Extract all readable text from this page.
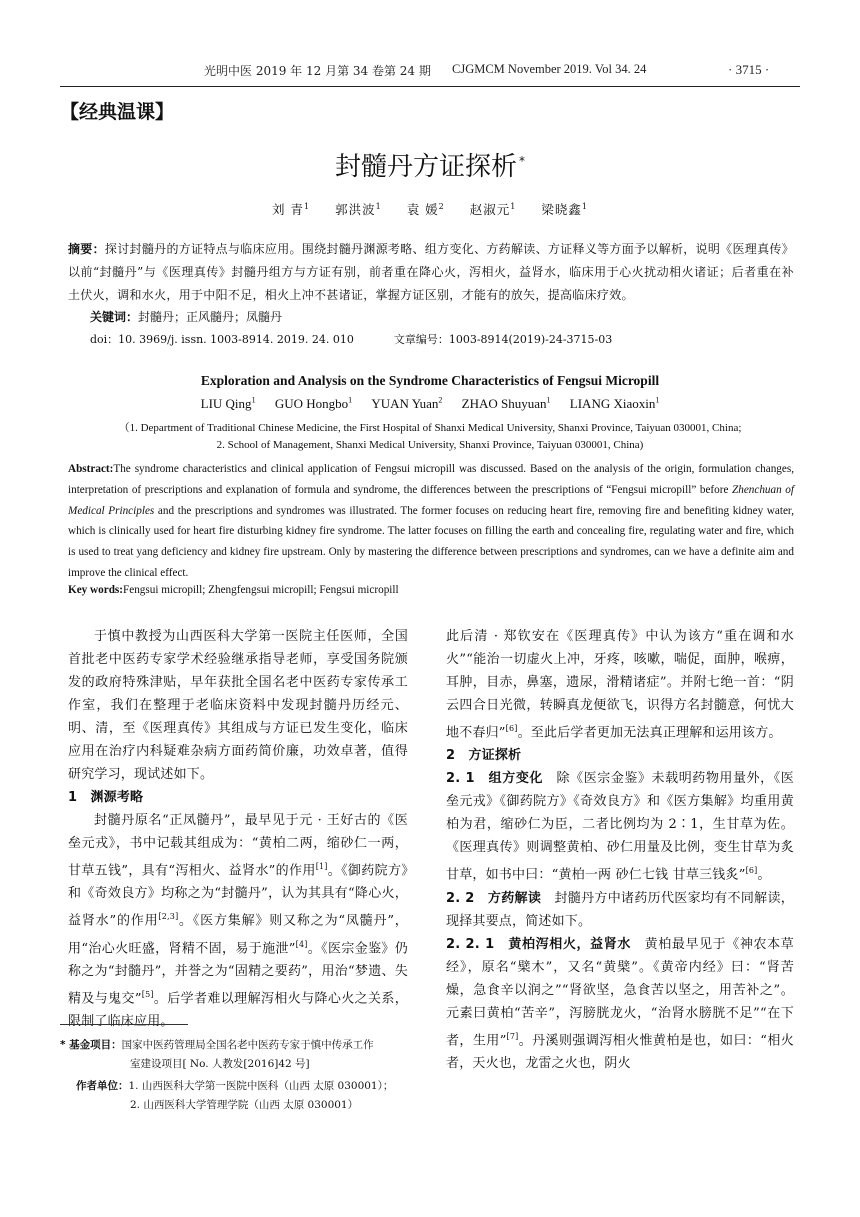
光明中医 2019 年 12 月第 34 卷第 24 期 CJGMCM November 2019. Vol 34. 24	· 3715 ·
【经典温课】
封髓丹方证探析 *
刘 青$^1$ 郭洪波$^1$ 袁 媛$^2$ 赵淑元$^1$ 梁晓鑫$^1$
摘要：探讨封髓丹的方证特点与临床应用。围绕封髓丹渊源考略、组方变化、方药解读、方证释义等方面予以解析，说明《医理真传》以前“封髓丹”与《医理真传》封髓丹组方与方证有别，前者重在降心火，泻相火，益肾水，临床用于心火扰动相火诸证；后者重在补土伏火，调和水火，用于中阳不足，相火上冲不甚诸证，掌握方证区别，才能有的放矢，提高临床疗效。
关键词：封髓丹；正风髓丹；凤髓丹
doi：10. 3969/j. issn. 1003-8914. 2019. 24. 010	文章编号：1003-8914(2019)-24-3715-03
Exploration and Analysis on the Syndrome Characteristics of Fengsui Micropill
LIU Qing$^1$ GUO Hongbo$^1$ YUAN Yuan$^2$ ZHAO Shuyuan$^1$ LIANG Xiaoxin$^1$
（1. Department of Traditional Chinese Medicine, the First Hospital of Shanxi Medical University, Shanxi Province, Taiyuan 030001, China;
2. School of Management, Shanxi Medical University, Shanxi Province, Taiyuan 030001, China)
Abstract:The syndrome characteristics and clinical application of Fengsui micropill was discussed. Based on the analysis of the origin, formulation changes, interpretation of prescriptions and explanation of formula and syndrome, the differences between the prescriptions of “Fengsui micropill” before Zhenchuan of Medical Principles and the prescriptions and syndromes was illustrated. The former focuses on reducing heart fire, removing fire and benefiting kidney water, which is clinically used for heart fire disturbing kidney fire syndrome. The latter focuses on filling the earth and concealing fire, regulating water and fire, which is used to treat yang deficiency and kidney fire upstream. Only by mastering the difference between prescriptions and syndromes, can we have a definite aim and improve the clinical effect.
Key words:Fengsui micropill; Zhengfengsui micropill; Fengsui micropill

于慎中教授为山西医科大学第一医院主任医师，全国首批老中医药专家学术经验继承指导老师，享受国务院颁发的政府特殊津贴，早年获批全国名老中医药专家传承工作室，我们在整理于老临床资料中发现封髓丹历经元、明、清，至《医理真传》其组成与方证已发生变化，临床应用在治疗内科疑难杂病方面药简价廉，功效卓著，值得研究学习，现试述如下。

1　渊源考略

封髓丹原名“正凤髓丹”，最早见于元 · 王好古的《医垒元戎》，书中记载其组成为：“黄柏二两，缩砂仁一两，甘草五钱”，具有“泻相火、益肾水”的作用[1]。《御药院方》和《奇效良方》均称之为“封髓丹”，认为其具有“降心火，益肾水”的作用[2,3]。《医方集解》则又称之为“凤髓丹”，用“治心火旺盛，肾精不固，易于施泄”[4]。《医宗金鉴》仍称之为“封髓丹”，并誉之为“固精之要药”，用治“梦遗、失精及与鬼交”[5]。后学者难以理解泻相火与降心火之关系，限制了临床应用。

此后清 · 郑钦安在《医理真传》中认为该方“重在调和水火”“能治一切虚火上冲，牙疼，咳嗽，喘促，面肿，喉痹，耳肿，目赤，鼻塞，遗尿，滑精诸症”。并附七绝一首：“阴云四合日光微，转瞬真龙便欲飞，识得方名封髓意，何忧大地不春归”[6]。至此后学者更加无法真正理解和运用该方。

2　方证探析

2. 1　组方变化　除《医宗金鉴》未载明药物用量外，《医垒元戎》《御药院方》《奇效良方》和《医方集解》均重用黄柏为君，缩砂仁为臣，二者比例均为 2∶1，生甘草为佐。《医理真传》则调整黄柏、砂仁用量及比例，变生甘草为炙甘草，如书中曰：“黄柏一两 砂仁七钱 甘草三钱炙”[6]。

2. 2　方药解读　封髓丹方中诸药历代医家均有不同解读，现择其要点，简述如下。

2. 2. 1　黄柏泻相火，益肾水　黄柏最早见于《神农本草经》，原名“檗木”，又名“黄檗”。《黄帝内经》曰：“肾苦燥，急食辛以润之”“肾欲坚，急食苦以坚之，用苦补之”。元素曰黄柏“苦辛”，泻膀胱龙火，“治肾水膀胱不足”“在下者，生用”[7]。丹溪则强调泻相火惟黄柏是也，如曰：“相火者，天火也，龙雷之火也，阴火

* 基金项目：国家中医药管理局全国名老中医药专家于慎中传承工作
室建设项目[ No. 人教发[2016]42 号]
作者单位：1. 山西医科大学第一医院中医科（山西 太原 030001）；
2. 山西医科大学管理学院（山西 太原 030001）
